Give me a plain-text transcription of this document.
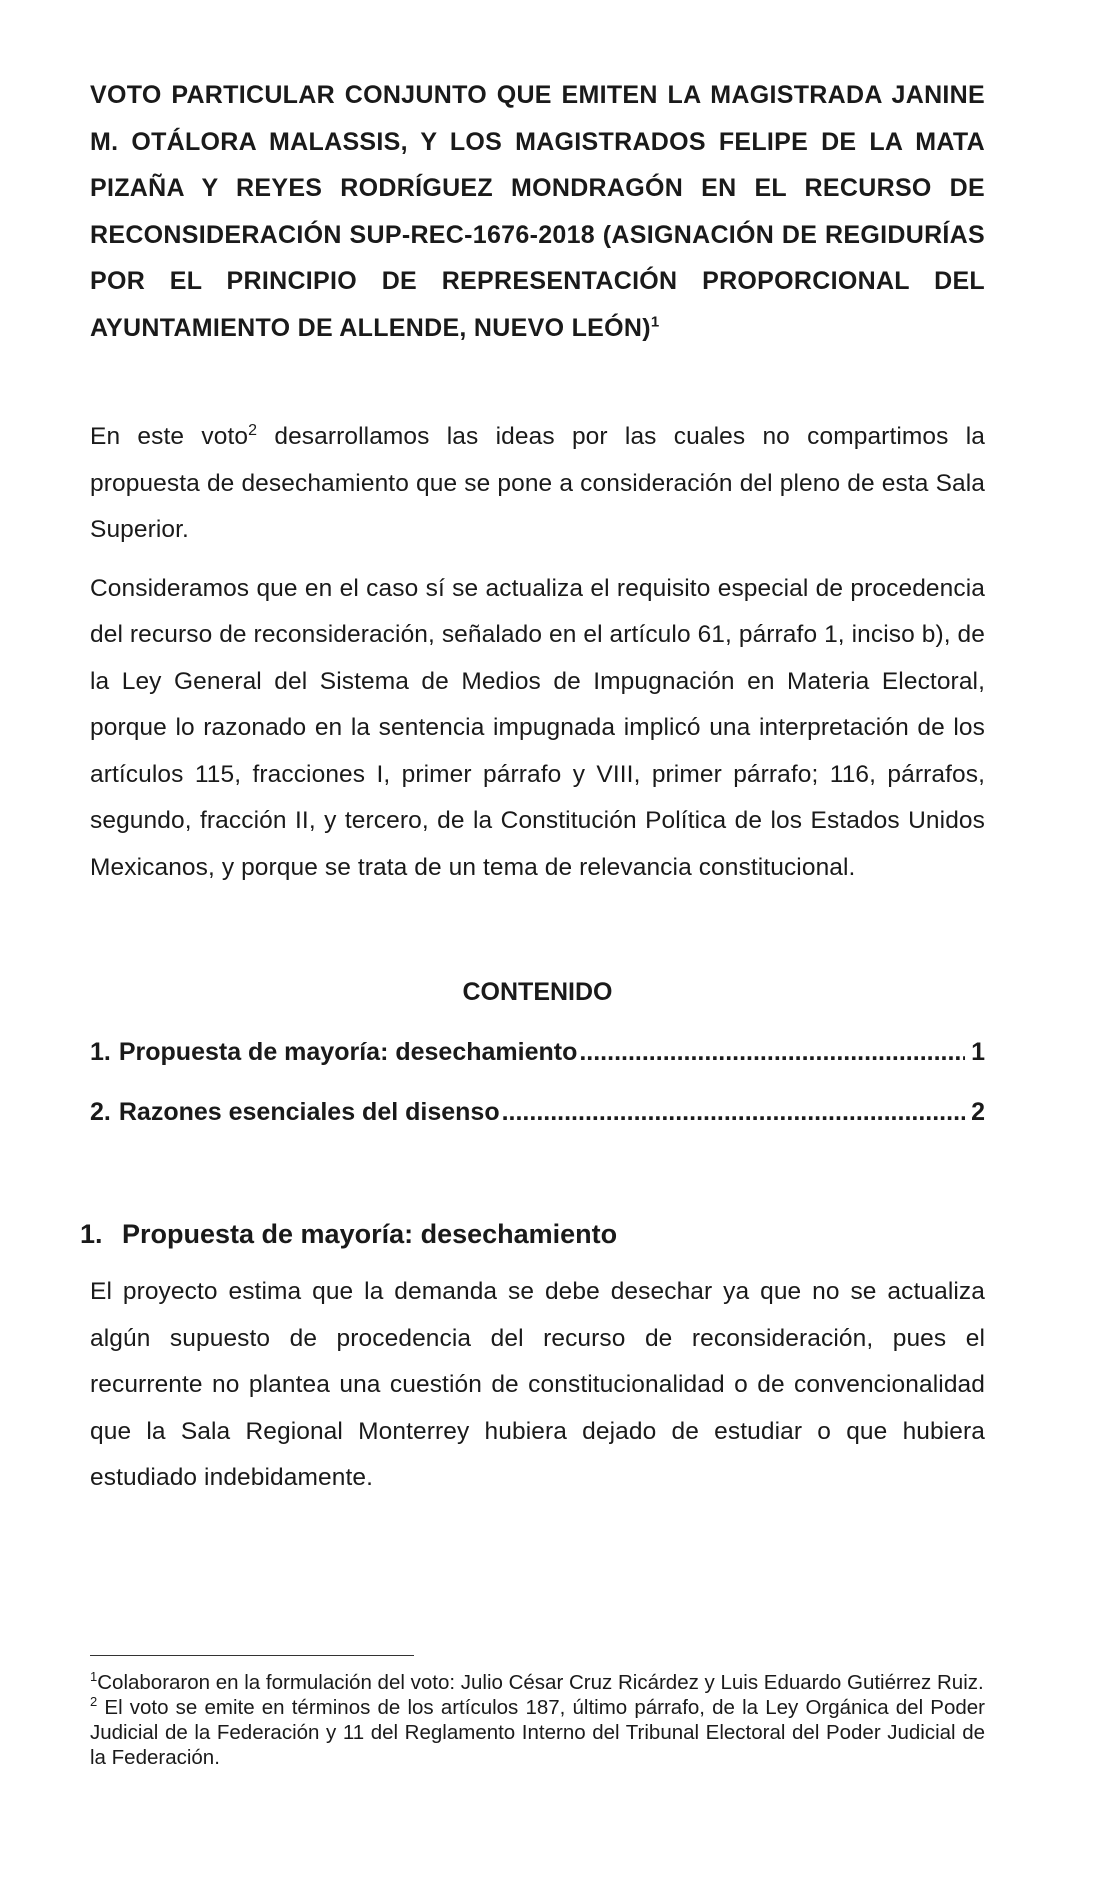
VOTO PARTICULAR CONJUNTO QUE EMITEN LA MAGISTRADA JANINE M. OTÁLORA MALASSIS, Y LOS MAGISTRADOS FELIPE DE LA MATA PIZAÑA Y REYES RODRÍGUEZ MONDRAGÓN EN EL RECURSO DE RECONSIDERACIÓN SUP-REC-1676-2018 (ASIGNACIÓN DE REGIDURÍAS POR EL PRINCIPIO DE REPRESENTACIÓN PROPORCIONAL DEL AYUNTAMIENTO DE ALLENDE, NUEVO LEÓN)$^1$

En este voto$^2$ desarrollamos las ideas por las cuales no compartimos la propuesta de desechamiento que se pone a consideración del pleno de esta Sala Superior.

Consideramos que en el caso sí se actualiza el requisito especial de procedencia del recurso de reconsideración, señalado en el artículo 61, párrafo 1, inciso b), de la Ley General del Sistema de Medios de Impugnación en Materia Electoral, porque lo razonado en la sentencia impugnada implicó una interpretación de los artículos 115, fracciones I, primer párrafo y VIII, primer párrafo; 116, párrafos, segundo, fracción II, y tercero, de la Constitución Política de los Estados Unidos Mexicanos, y porque se trata de un tema de relevancia constitucional.

CONTENIDO
1. Propuesta de mayoría: desechamiento .....	1
2. Razones esenciales del disenso .....	2
1. Propuesta de mayoría: desechamiento

El proyecto estima que la demanda se debe desechar ya que no se actualiza algún supuesto de procedencia del recurso de reconsideración, pues el recurrente no plantea una cuestión de constitucionalidad o de convencionalidad que la Sala Regional Monterrey hubiera dejado de estudiar o que hubiera estudiado indebidamente.

$^1$Colaboraron en la formulación del voto: Julio César Cruz Ricárdez y Luis Eduardo Gutiérrez Ruiz.

$^2$ El voto se emite en términos de los artículos 187, último párrafo, de la Ley Orgánica del Poder Judicial de la Federación y 11 del Reglamento Interno del Tribunal Electoral del Poder Judicial de la Federación.
